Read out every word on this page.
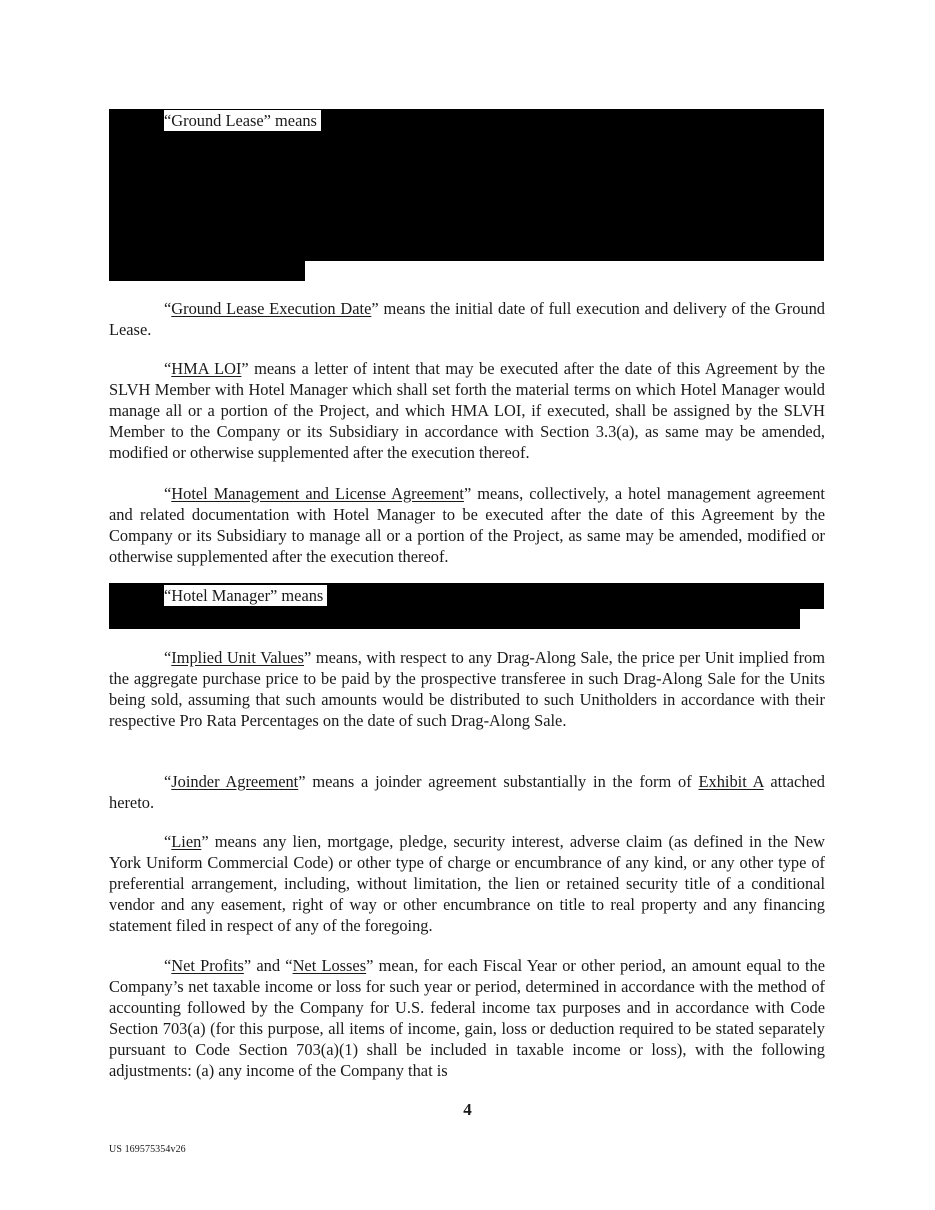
“Ground Lease” means

“Ground Lease Execution Date” means the initial date of full execution and delivery of the Ground Lease.

“HMA LOI” means a letter of intent that may be executed after the date of this Agreement by the SLVH Member with Hotel Manager which shall set forth the material terms on which Hotel Manager would manage all or a portion of the Project, and which HMA LOI, if executed, shall be assigned by the SLVH Member to the Company or its Subsidiary in accordance with Section 3.3(a), as same may be amended, modified or otherwise supplemented after the execution thereof.

“Hotel Management and License Agreement” means, collectively, a hotel management agreement and related documentation with Hotel Manager to be executed after the date of this Agreement by the Company or its Subsidiary to manage all or a portion of the Project, as same may be amended, modified or otherwise supplemented after the execution thereof.

“Hotel Manager” means

“Implied Unit Values” means, with respect to any Drag-Along Sale, the price per Unit implied from the aggregate purchase price to be paid by the prospective transferee in such Drag-Along Sale for the Units being sold, assuming that such amounts would be distributed to such Unitholders in accordance with their respective Pro Rata Percentages on the date of such Drag-Along Sale.

“Joinder Agreement” means a joinder agreement substantially in the form of Exhibit A attached hereto.

“Lien” means any lien, mortgage, pledge, security interest, adverse claim (as defined in the New York Uniform Commercial Code) or other type of charge or encumbrance of any kind, or any other type of preferential arrangement, including, without limitation, the lien or retained security title of a conditional vendor and any easement, right of way or other encumbrance on title to real property and any financing statement filed in respect of any of the foregoing.

“Net Profits” and “Net Losses” mean, for each Fiscal Year or other period, an amount equal to the Company’s net taxable income or loss for such year or period, determined in accordance with the method of accounting followed by the Company for U.S. federal income tax purposes and in accordance with Code Section 703(a) (for this purpose, all items of income, gain, loss or deduction required to be stated separately pursuant to Code Section 703(a)(1) shall be included in taxable income or loss), with the following adjustments: (a) any income of the Company that is

4
US 169575354v26
